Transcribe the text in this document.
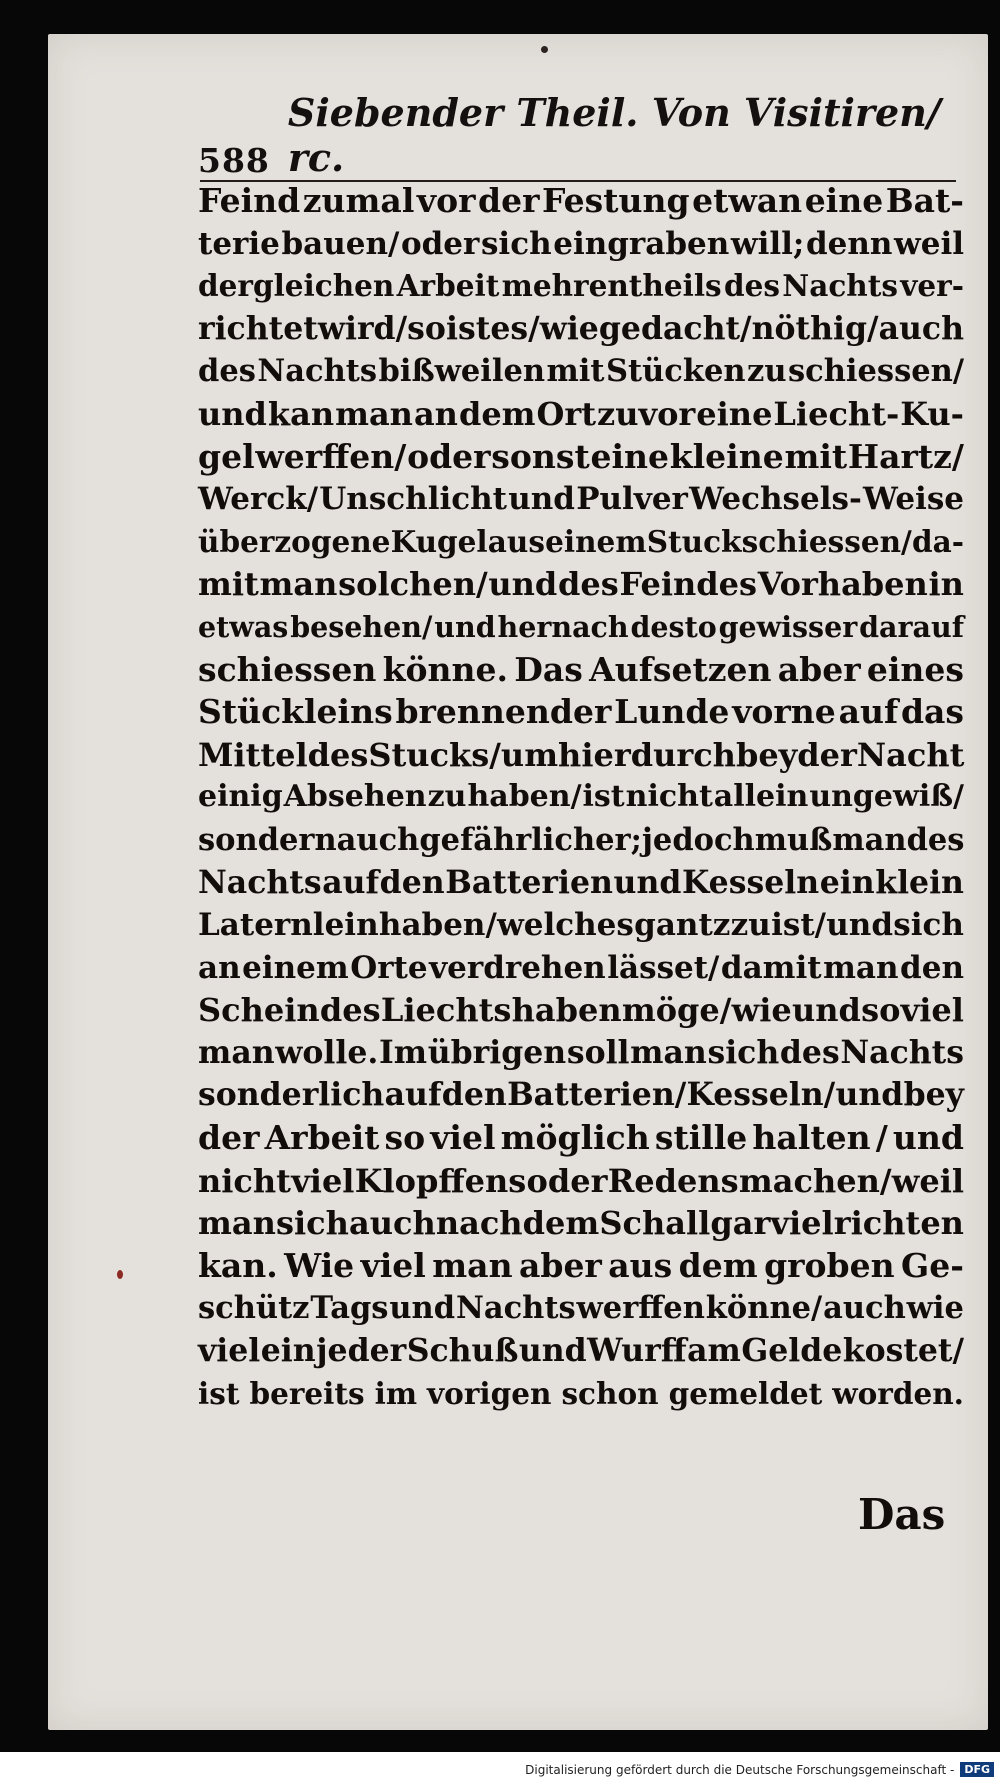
588
Siebender Theil. Von Visitiren/ rc.
Feind zumal vor der Festung etwan eine Bat-
terie bauen/ oder sich eingraben will; denn weil
dergleichen Arbeit mehrentheils des Nachts ver-
richtet wird/ so ist es/ wie gedacht/ nöthig/ auch
des Nachts bißweilen mit Stücken zu schiessen/
und kan man an dem Ort zuvor eine Liecht- Ku-
gel werffen/ oder sonst eine kleine mit Hartz/
Werck/ Unschlicht und Pulver Wechsels- Weise
überzogene Kugel aus einem Stuck schiessen/ da-
mit man solchen/ und des Feindes Vorhaben in
etwas besehen/ und hernach desto gewisser darauf
schiessen könne. Das Aufsetzen aber eines
Stückleins brennender Lunde vorne auf das
Mittel des Stucks/ um hierdurch bey der Nacht
einig Absehen zu haben/ ist nicht allein ungewiß/
sondern auch gefährlicher; jedoch muß man des
Nachts auf den Batterien und Kesseln ein klein
Laternlein haben/ welches gantz zu ist/ und sich
an einem Orte verdrehen lässet/ damit man den
Schein des Liechts haben möge/ wie und so viel
man wolle. Im übrigen soll man sich des Nachts
sonderlich auf den Batterien/ Kesseln/ und bey
der Arbeit so viel möglich stille halten / und
nicht viel Klopffens oder Redens machen/ weil
man sich auch nach dem Schall gar viel richten
kan. Wie viel man aber aus dem groben Ge-
schütz Tags und Nachts werffen könne/ auch wie
viel ein jeder Schuß und Wurff am Gelde kostet/
ist bereits im vorigen schon gemeldet worden.
Das
Digitalisierung gefördert durch die Deutsche Forschungsgemeinschaft - DFG
